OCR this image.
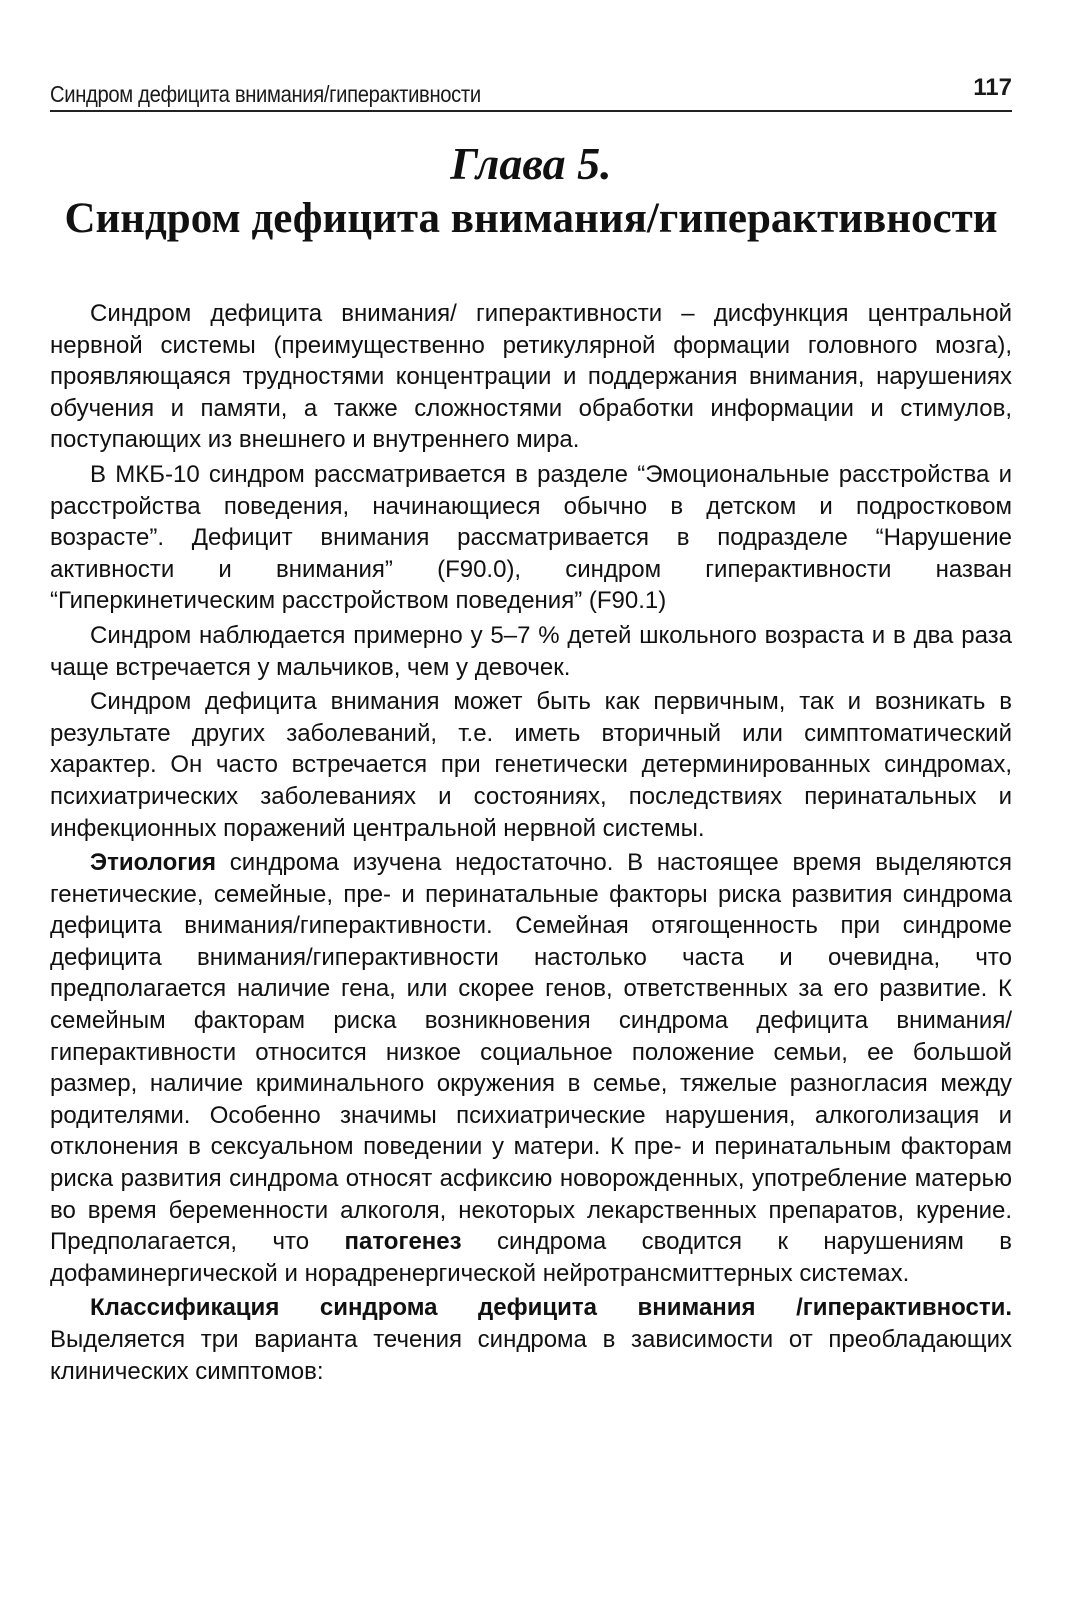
Синдром дефицита внимания/гиперактивности	117
Глава 5.
Синдром дефицита внимания/гиперактивности

Синдром дефицита внимания/ гиперактивности – дисфункция центральной нервной системы (преимущественно ретикулярной формации головного мозга), проявляющаяся трудностями концентрации и поддержания внимания, нарушениях обучения и памяти, а также сложностями обработки информации и стимулов, поступающих из внешнего и внутреннего мира.

В МКБ-10 синдром рассматривается в разделе “Эмоциональные расстройства и расстройства поведения, начинающиеся обычно в детском и подростковом возрасте”. Дефицит внимания рассматривается в подразделе “Нарушение активности и внимания” (F90.0), синдром гиперактивности назван “Гиперкинетическим расстройством поведения” (F90.1)

Синдром наблюдается примерно у 5–7 % детей школьного возраста и в два раза чаще встречается у мальчиков, чем у девочек.

Синдром дефицита внимания может быть как первичным, так и возникать в результате других заболеваний, т.е. иметь вторичный или симптоматический характер. Он часто встречается при генетически детерминированных синдромах, психиатрических заболеваниях и состояниях, последствиях перинатальных и инфекционных поражений центральной нервной системы.

Этиология синдрома изучена недостаточно. В настоящее время выделяются генетические, семейные, пре- и перинатальные факторы риска развития синдрома дефицита внимания/гиперактивности. Семейная отягощенность при синдроме дефицита внимания/гиперактивности настолько часта и очевидна, что предполагается наличие гена, или скорее генов, ответственных за его развитие. К семейным факторам риска возникновения синдрома дефицита внимания/гиперактивности относится низкое социальное положение семьи, ее большой размер, наличие криминального окружения в семье, тяжелые разногласия между родителями. Особенно значимы психиатрические нарушения, алкоголизация и отклонения в сексуальном поведении у матери. К пре- и перинатальным факторам риска развития синдрома относят асфиксию новорожденных, употребление матерью во время беременности алкоголя, некоторых лекарственных препаратов, курение. Предполагается, что патогенез синдрома сводится к нарушениям в дофаминергической и норадренергической нейротрансмиттерных системах.

Классификация синдрома дефицита внимания /гиперактивности. Выделяется три варианта течения синдрома в зависимости от преобладающих клинических симптомов:
